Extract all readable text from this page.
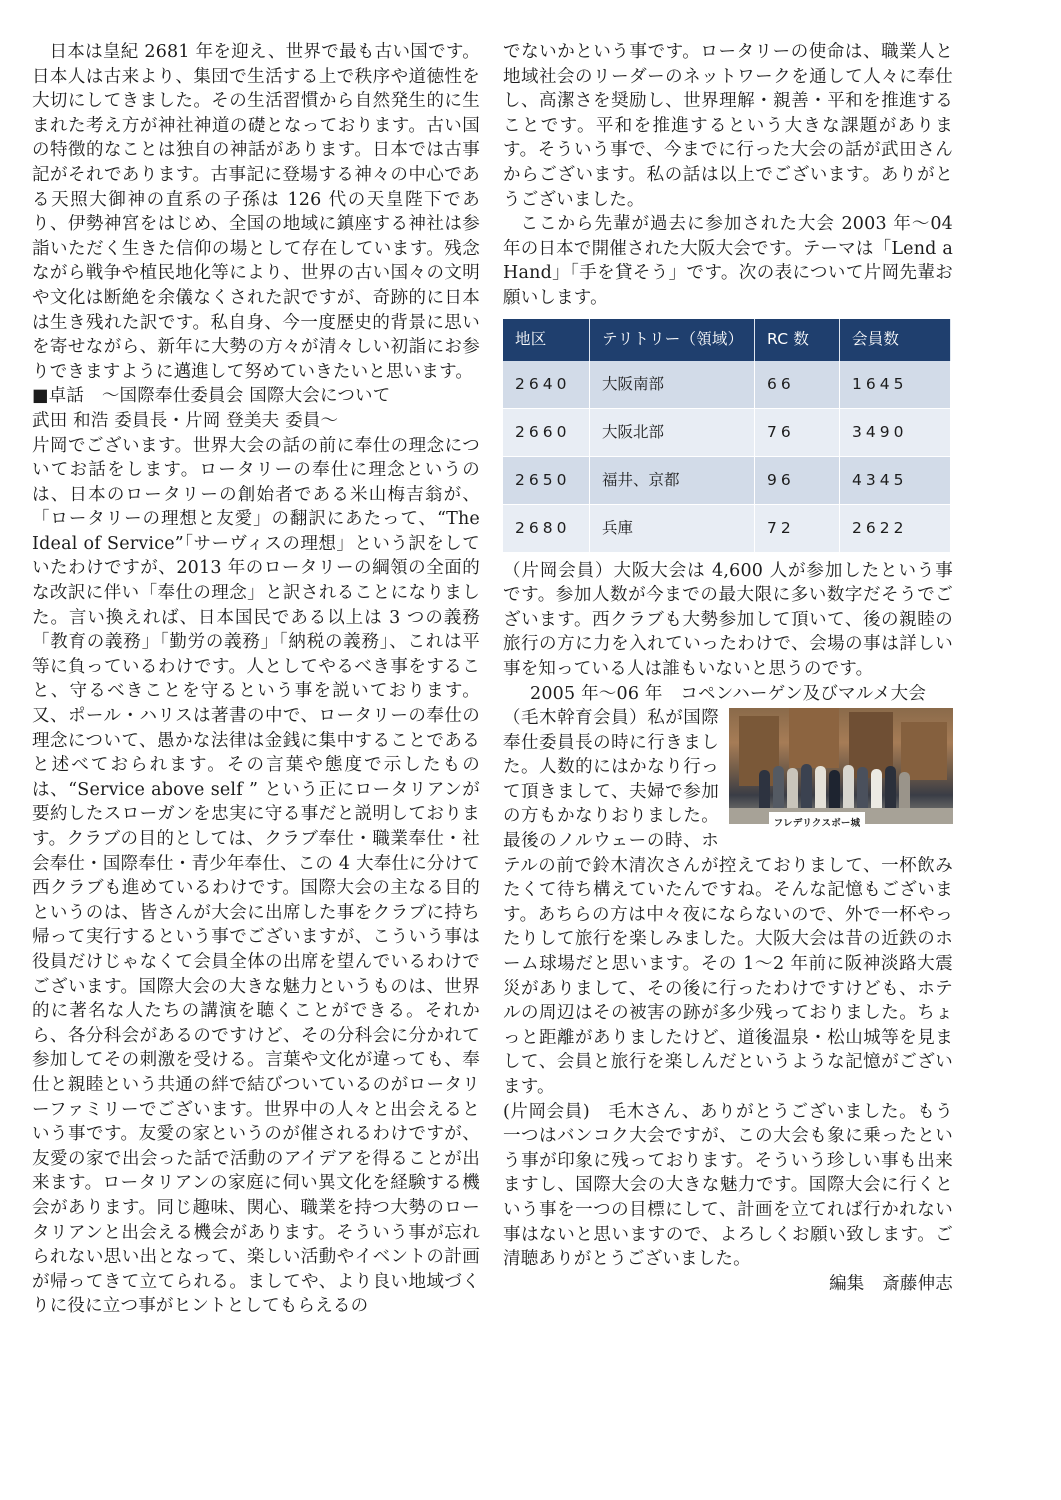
日本は皇紀 2681 年を迎え、世界で最も古い国です。日本人は古来より、集団で生活する上で秩序や道徳性を大切にしてきました。その生活習慣から自然発生的に生まれた考え方が神社神道の礎となっております。古い国の特徴的なことは独自の神話があります。日本では古事記がそれであります。古事記に登場する神々の中心である天照大御神の直系の子孫は 126 代の天皇陛下であり、伊勢神宮をはじめ、全国の地域に鎮座する神社は参詣いただく生きた信仰の場として存在しています。残念ながら戦争や植民地化等により、世界の古い国々の文明や文化は断絶を余儀なくされた訳ですが、奇跡的に日本は生き残れた訳です。私自身、今一度歴史的背景に思いを寄せながら、新年に大勢の方々が清々しい初詣にお参りできますように邁進して努めていきたいと思います。

■卓話　～国際奉仕委員会 国際大会について

武田 和浩 委員長・片岡 登美夫 委員～

片岡でございます。世界大会の話の前に奉仕の理念についてお話をします。ロータリーの奉仕に理念というのは、日本のロータリーの創始者である米山梅吉翁が、「ロータリーの理想と友愛」の翻訳にあたって、“The Ideal of Service”「サーヴィスの理想」という訳をしていたわけですが、2013 年のロータリーの綱領の全面的な改訳に伴い「奉仕の理念」と訳されることになりました。言い換えれば、日本国民である以上は 3 つの義務「教育の義務」「勤労の義務」「納税の義務」、これは平等に負っているわけです。人としてやるべき事をすること、守るべきことを守るという事を説いております。又、ポール・ハリスは著書の中で、ロータリーの奉仕の理念について、愚かな法律は金銭に集中することであると述べておられます。その言葉や態度で示したものは、“Service above self ” という正にロータリアンが要約したスローガンを忠実に守る事だと説明しております。クラブの目的としては、クラブ奉仕・職業奉仕・社会奉仕・国際奉仕・青少年奉仕、この 4 大奉仕に分けて西クラブも進めているわけです。国際大会の主なる目的というのは、皆さんが大会に出席した事をクラブに持ち帰って実行するという事でございますが、こういう事は役員だけじゃなくて会員全体の出席を望んでいるわけでございます。国際大会の大きな魅力というものは、世界的に著名な人たちの講演を聴くことができる。それから、各分科会があるのですけど、その分科会に分かれて参加してその刺激を受ける。言葉や文化が違っても、奉仕と親睦という共通の絆で結びついているのがロータリーファミリーでございます。世界中の人々と出会えるという事です。友愛の家というのが催されるわけですが、友愛の家で出会った話で活動のアイデアを得ることが出来ます。ロータリアンの家庭に伺い異文化を経験する機会があります。同じ趣味、関心、職業を持つ大勢のロータリアンと出会える機会があります。そういう事が忘れられない思い出となって、楽しい活動やイベントの計画が帰ってきて立てられる。ましてや、より良い地域づくりに役に立つ事がヒントとしてもらえるの

でないかという事です。ロータリーの使命は、職業人と地域社会のリーダーのネットワークを通して人々に奉仕し、高潔さを奨励し、世界理解・親善・平和を推進することです。平和を推進するという大きな課題があります。そういう事で、今までに行った大会の話が武田さんからございます。私の話は以上でございます。ありがとうございました。

ここから先輩が過去に参加された大会 2003 年～04 年の日本で開催された大阪大会です。テーマは「Lend a Hand」「手を貸そう」です。次の表について片岡先輩お願いします。

地区	テリトリー（領域）	RC 数	会員数
2640	大阪南部	66	1645
2660	大阪北部	76	3490
2650	福井、京都	96	4345
2680	兵庫	72	2622

（片岡会員）大阪大会は 4,600 人が参加したという事です。参加人数が今までの最大限に多い数字だそうでございます。西クラブも大勢参加して頂いて、後の親睦の旅行の方に力を入れていったわけで、会場の事は詳しい事を知っている人は誰もいないと思うのです。

2005 年～06 年　コペンハーゲン及びマルメ大会

フレデリクスボー城

（毛木幹育会員）私が国際奉仕委員長の時に行きました。人数的にはかなり行って頂きまして、夫婦で参加の方もかなりおりました。最後のノルウェーの時、ホテルの前で鈴木清次さんが控えておりまして、一杯飲みたくて待ち構えていたんですね。そんな記憶もございます。あちらの方は中々夜にならないので、外で一杯やったりして旅行を楽しみました。大阪大会は昔の近鉄のホーム球場だと思います。その 1～2 年前に阪神淡路大震災がありまして、その後に行ったわけですけども、ホテルの周辺はその被害の跡が多少残っておりました。ちょっと距離がありましたけど、道後温泉・松山城等を見まして、会員と旅行を楽しんだというような記憶がございます。

(片岡会員)　毛木さん、ありがとうございました。もう一つはバンコク大会ですが、この大会も象に乗ったという事が印象に残っております。そういう珍しい事も出来ますし、国際大会の大きな魅力です。国際大会に行くという事を一つの目標にして、計画を立てれば行かれない事はないと思いますので、よろしくお願い致します。ご清聴ありがとうございました。

編集　斎藤伸志
